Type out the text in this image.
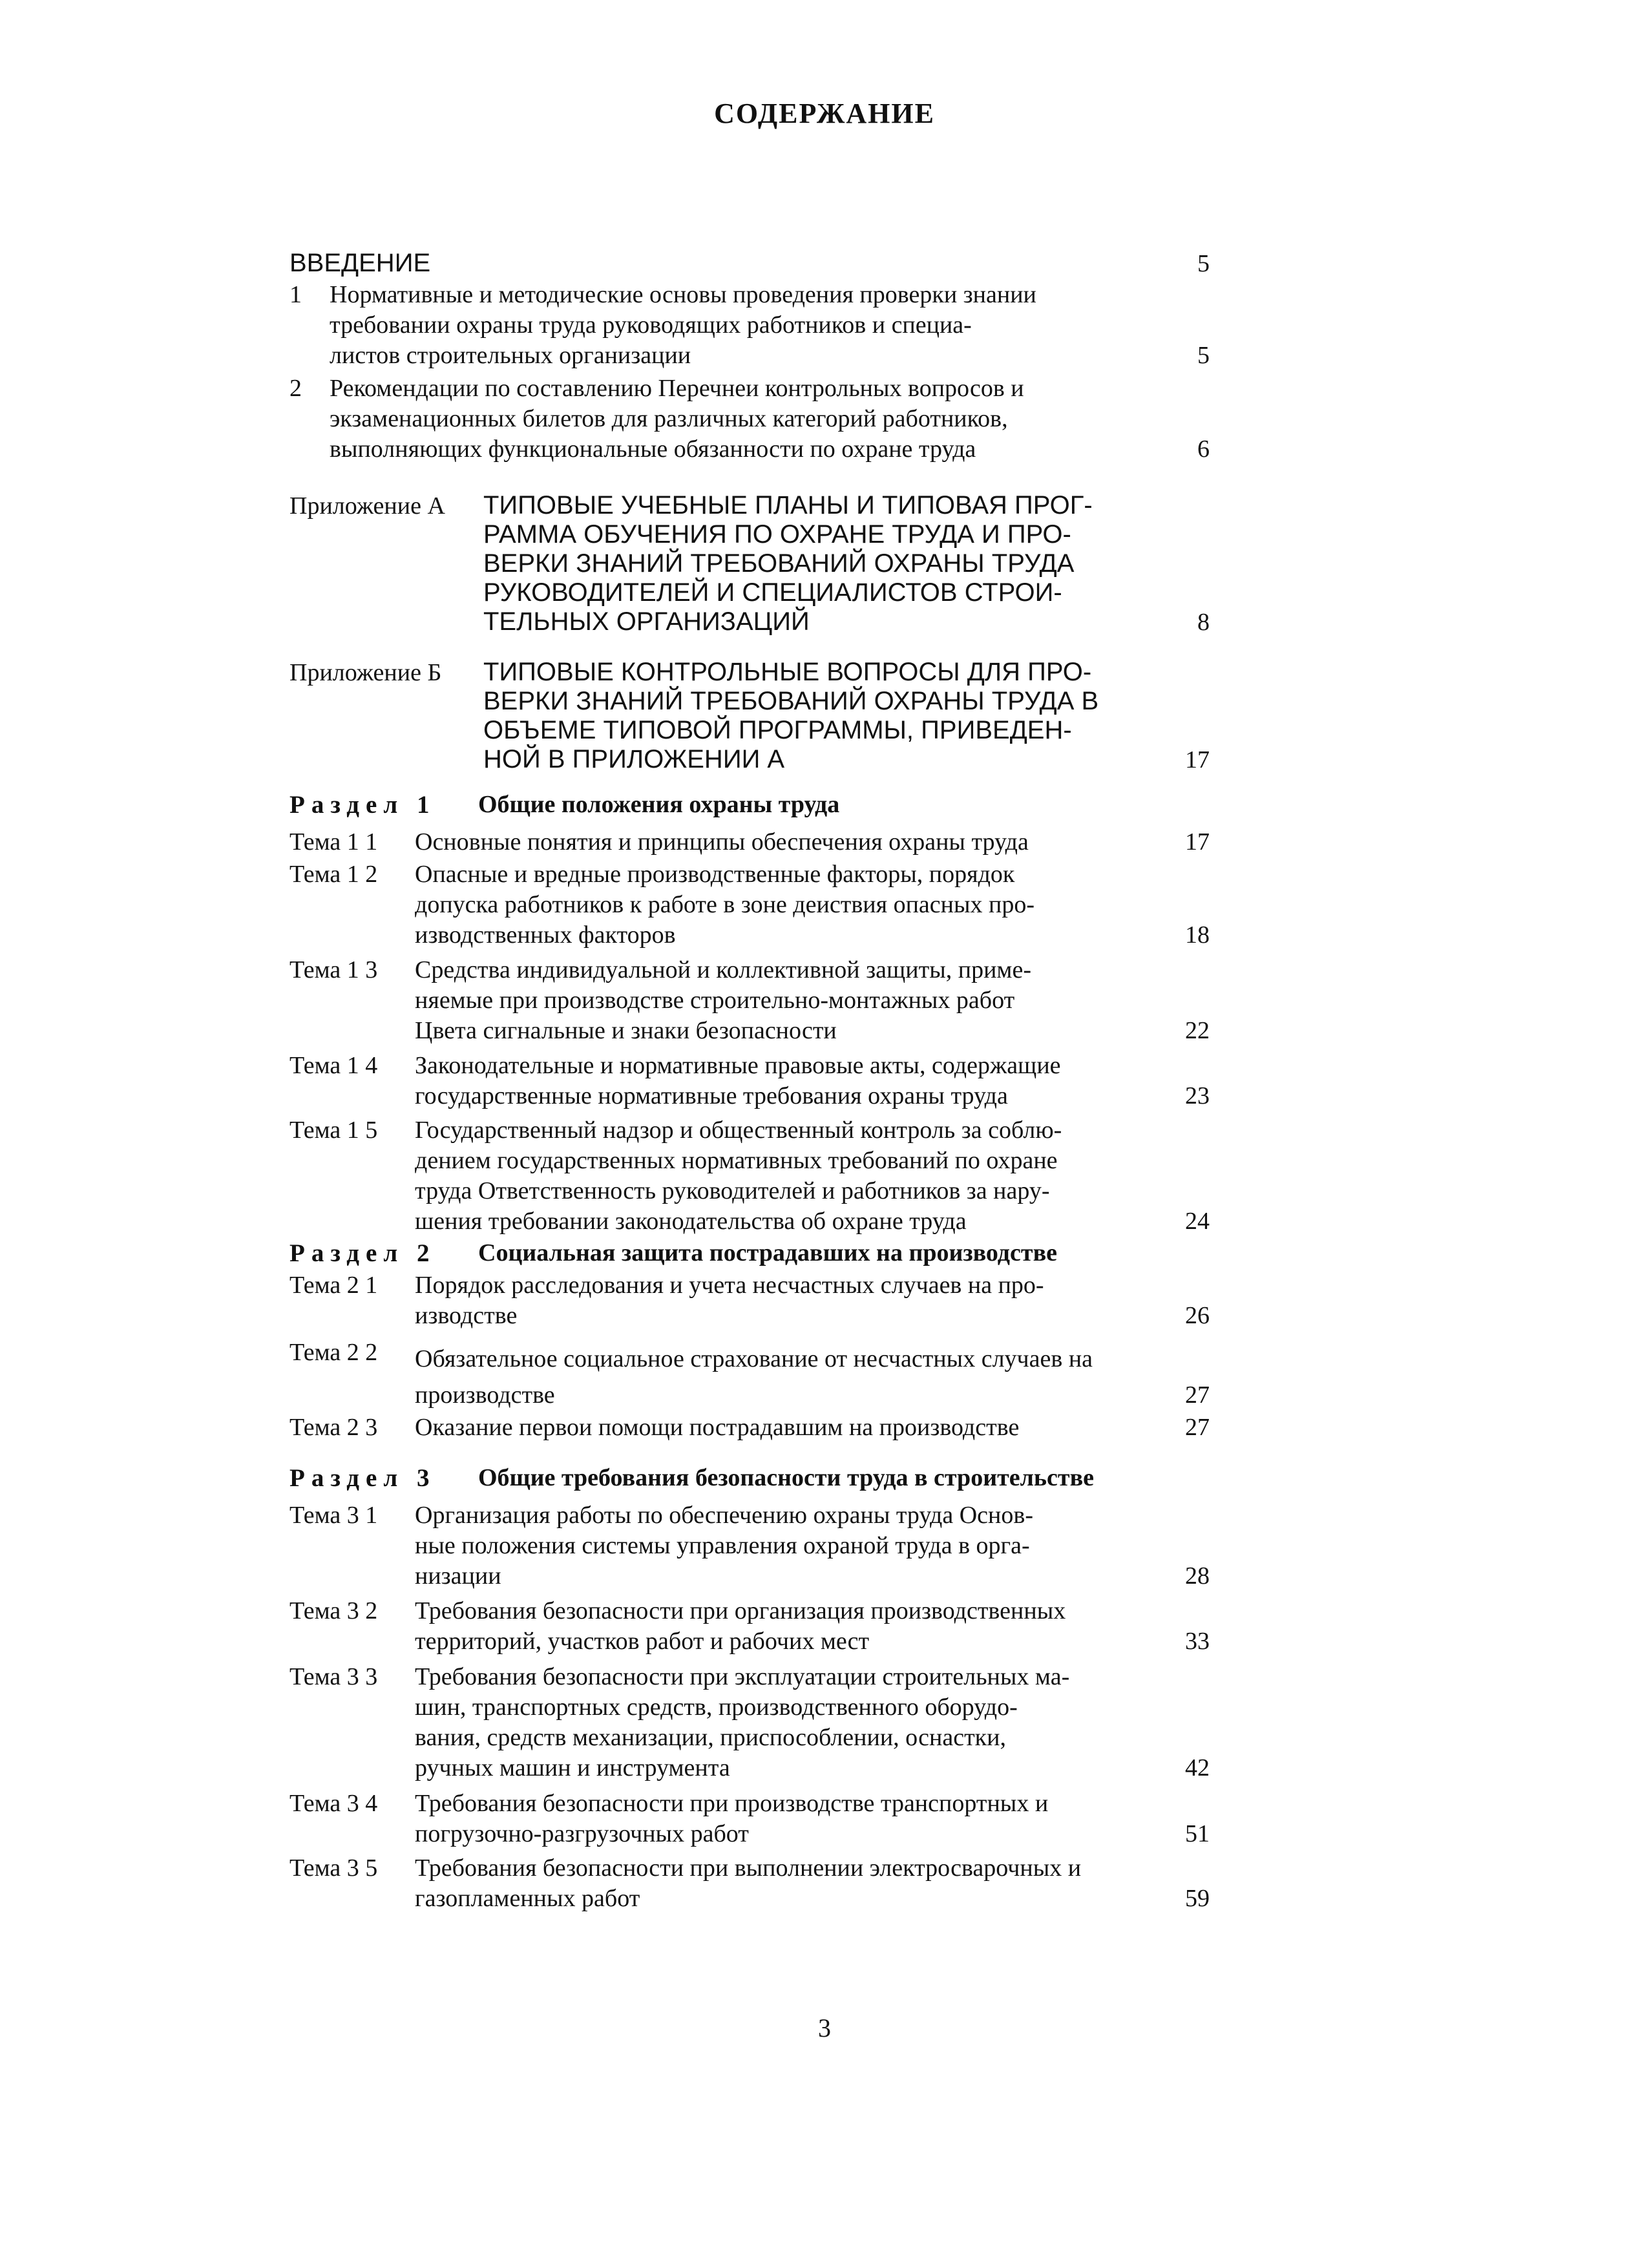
СОДЕРЖАНИЕ
ВВЕДЕНИЕ	5
1 Нормативные и методические основы проведения проверки знании
требовании охраны труда руководящих работников и специа-
листов строительных организации	5
2 Рекомендации по составлению Перечнеи контрольных вопросов и
экзаменационных билетов для различных категорий работников,
выполняющих функциональные обязанности по охране труда	6
Приложение А ТИПОВЫЕ УЧЕБНЫЕ ПЛАНЫ И ТИПОВАЯ ПРОГ-
РАММА ОБУЧЕНИЯ ПО ОХРАНЕ ТРУДА И ПРО-
ВЕРКИ ЗНАНИЙ ТРЕБОВАНИЙ ОХРАНЫ ТРУДА
РУКОВОДИТЕЛЕЙ И СПЕЦИАЛИСТОВ СТРОИ-
ТЕЛЬНЫХ ОРГАНИЗАЦИЙ	8
Приложение Б ТИПОВЫЕ КОНТРОЛЬНЫЕ ВОПРОСЫ ДЛЯ ПРО-
ВЕРКИ ЗНАНИЙ ТРЕБОВАНИЙ ОХРАНЫ ТРУДА В
ОБЪЕМЕ ТИПОВОЙ ПРОГРАММЫ, ПРИВЕДЕН-
НОЙ В ПРИЛОЖЕНИИ А	17
Раздел 1 Общие положения охраны труда
Тема 1 1 Основные понятия и принципы обеспечения охраны труда	17
Тема 1 2 Опасные и вредные производственные факторы, порядок
допуска работников к работе в зоне деиствия опасных про-
изводственных факторов	18
Тема 1 3 Средства индивидуальной и коллективной защиты, приме-
няемые при производстве строительно-монтажных работ
Цвета сигнальные и знаки безопасности	22
Тема 1 4 Законодательные и нормативные правовые акты, содержащие
государственные нормативные требования охраны труда	23
Тема 1 5 Государственный надзор и общественный контроль за соблю-
дением государственных нормативных требований по охране
труда Ответственность руководителей и работников за нару-
шения требовании законодательства об охране труда	24
Раздел 2 Социальная защита пострадавших на производстве
Тема 2 1 Порядок расследования и учета несчастных случаев на про-
изводстве	26
Тема 2 2 Обязательное социальное страхование от несчастных случаев на
производстве	27
Тема 2 3 Оказание первои помощи пострадавшим на производстве	27
Раздел 3 Общие требования безопасности труда в строительстве
Тема 3 1 Организация работы по обеспечению охраны труда Основ-
ные положения системы управления охраной труда в орга-
низации	28
Тема 3 2 Требования безопасности при организация производственных
территорий, участков работ и рабочих мест	33
Тема 3 3 Требования безопасности при эксплуатации строительных ма-
шин, транспортных средств, производственного оборудо-
вания, средств механизации, приспособлении, оснастки,
ручных машин и инструмента	42
Тема 3 4 Требования безопасности при производстве транспортных и
погрузочно-разгрузочных работ	51
Тема 3 5 Требования безопасности при выполнении электросварочных и
газопламенных работ	59
3
